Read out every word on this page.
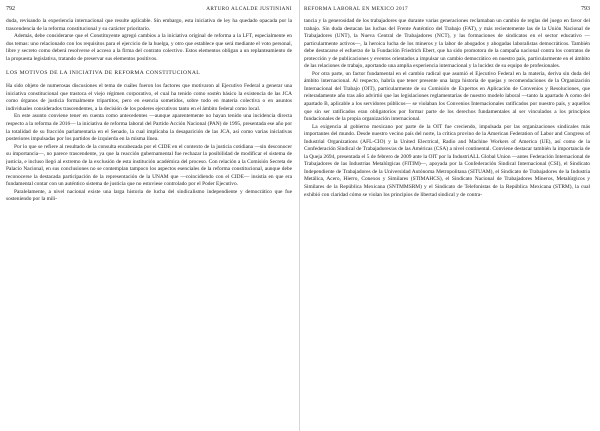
792	ARTURO ALCALDE JUSTINIANI

duda, revisando la experiencia internacional que resulte aplicable. Sin embargo, esta iniciativa de ley ha quedado opacada por la trascendencia de la reforma constitucional y su carácter prioritario.

Además, debe considerarse que el Constituyente agregó cambios a la iniciativa original de reforma a la LFT, especialmente en dos temas: uno relacionado con los requisitos para el ejercicio de la huelga, y otro que establece que será mediante el voto personal, libre y secreto como deberá resolverse el acceso a la firma del contrato colectivo. Estos elementos obligan a un replanteamiento de la propuesta legislativa, tratando de preservar sus elementos positivos.

LOS MOTIVOS DE LA INICIATIVA DE REFORMA CONSTITUCIONAL

Ha sido objeto de numerosas discusiones el tema de cuáles fueron los factores que motivaron al Ejecutivo Federal a generar una iniciativa constitucional que trastoca el viejo régimen corporativo, el cual ha tenido como sostén básico la existencia de las JCA como órganos de justicia formalmente tripartitos, pero en esencia sometidos, sobre todo en materia colectiva o en asuntos individuales considerados trascendentes, a la decisión de los poderes ejecutivos tanto en el ámbito federal como local.

En este asunto conviene tener en cuenta como antecedentes —aunque aparentemente no hayan tenido una incidencia directa respecto a la reforma de 2016— la iniciativa de reforma laboral del Partido Acción Nacional (PAN) de 1995, presentada ese año por la totalidad de su fracción parlamentaria en el Senado, la cual implicaba la desaparición de las JCA, así como varias iniciativas posteriores impulsadas por los partidos de izquierda en la misma línea.

Por lo que se refiere al resultado de la consulta encabezada por el CIDE en el contexto de la justicia cotidiana —sin desconocer su importancia—, no parece trascendente, ya que la reacción gubernamental fue rechazar la posibilidad de modificar el sistema de justicia, e incluso llegó al extremo de la exclusión de esta institución académica del proceso. Con relación a la Comisión Secreta de Palacio Nacional, en sus conclusiones no se contemplan tampoco los aspectos esenciales de la reforma constitucional, aunque debe reconocerse la destacada participación de la representación de la UNAM que —coincidiendo con el CIDE— insistía en que era fundamental contar con un auténtico sistema de justicia que no estuviese controlado por el Poder Ejecutivo.

Paralelamente, a nivel nacional existe una larga historia de lucha del sindicalismo independiente y democrático que fue sosteniendo por la mili-

REFORMA LABORAL EN MÉXICO 2017	793

tancia y la generosidad de los trabajadores que durante varias generaciones reclamaban un cambio de reglas del juego en favor del trabajo. Sin duda destacan las luchas del Frente Auténtico del Trabajo (FAT), y más recientemente las de la Unión Nacional de Trabajadores (UNT), la Nueva Central de Trabajadores (NCT), y las formaciones de sindicatos en el sector educativo —particularmente activos—, la heroica lucha de los mineros y la labor de abogados y abogadas laboralistas democráticos. También debe destacarse el esfuerzo de la Fundación Friedrich Ebert, que ha sido promotora de la campaña nacional contra los contratos de protección y de publicaciones y eventos orientados a impulsar un cambio democrático en nuestro país, particularmente en el ámbito de las relaciones de trabajo, aportando una amplia experiencia internacional y la lucidez de su equipo de profesionales.

Por otra parte, un factor fundamental en el cambio radical que asumió el Ejecutivo Federal en la materia, deriva sin duda del ámbito internacional. Al respecto, habría que tener presente una larga historia de quejas y recomendaciones de la Organización Internacional del Trabajo (OIT), particularmente de su Comisión de Expertos en Aplicación de Convenios y Resoluciones, que reiteradamente año tras año advirtió que las legislaciones reglamentarias de nuestro modelo laboral —tanto la apartado A como del apartado B, aplicable a los servidores públicos— se violaban los Convenios Internacionales ratificados por nuestro país, y aquellos que sin ser ratificados eran obligatorios por formar parte de los derechos fundamentales al ser vinculados a los principios fundacionales de la propia organización internacional.

La exigencia al gobierno mexicano por parte de la OIT fue creciendo, impulsada por las organizaciones sindicales más importantes del mundo. Desde nuestro vecino país del norte, la crítica provino de la American Federation of Labor and Congress of Industrial Organizations (AFL-CIO) y la United Electrical, Radio and Machine Workers of America (UE), así como de la Confederación Sindical de Trabajadores/as de las Américas (CSA) a nivel continental. Conviene destacar también la importancia de la Queja 2694, presentada el 5 de febrero de 2009 ante la OIT por la IndustriALL Global Union —antes Federación Internacional de Trabajadores de las Industrias Metalúrgicas (FITIM)—, apoyada por la Confederación Sindical Internacional (CSI), el Sindicato Independiente de Trabajadores de la Universidad Autónoma Metropolitana (SITUAM), el Sindicato de Trabajadores de la Industria Metálica, Acero, Hierro, Conexos y Similares (STIMAHCS), el Sindicato Nacional de Trabajadores Mineros, Metalúrgicos y Similares de la República Mexicana (SNTMMSRM) y el Sindicato de Telefonistas de la República Mexicana (STRM), la cual exhibió con claridad cómo se violan los principios de libertad sindical y de contra-
